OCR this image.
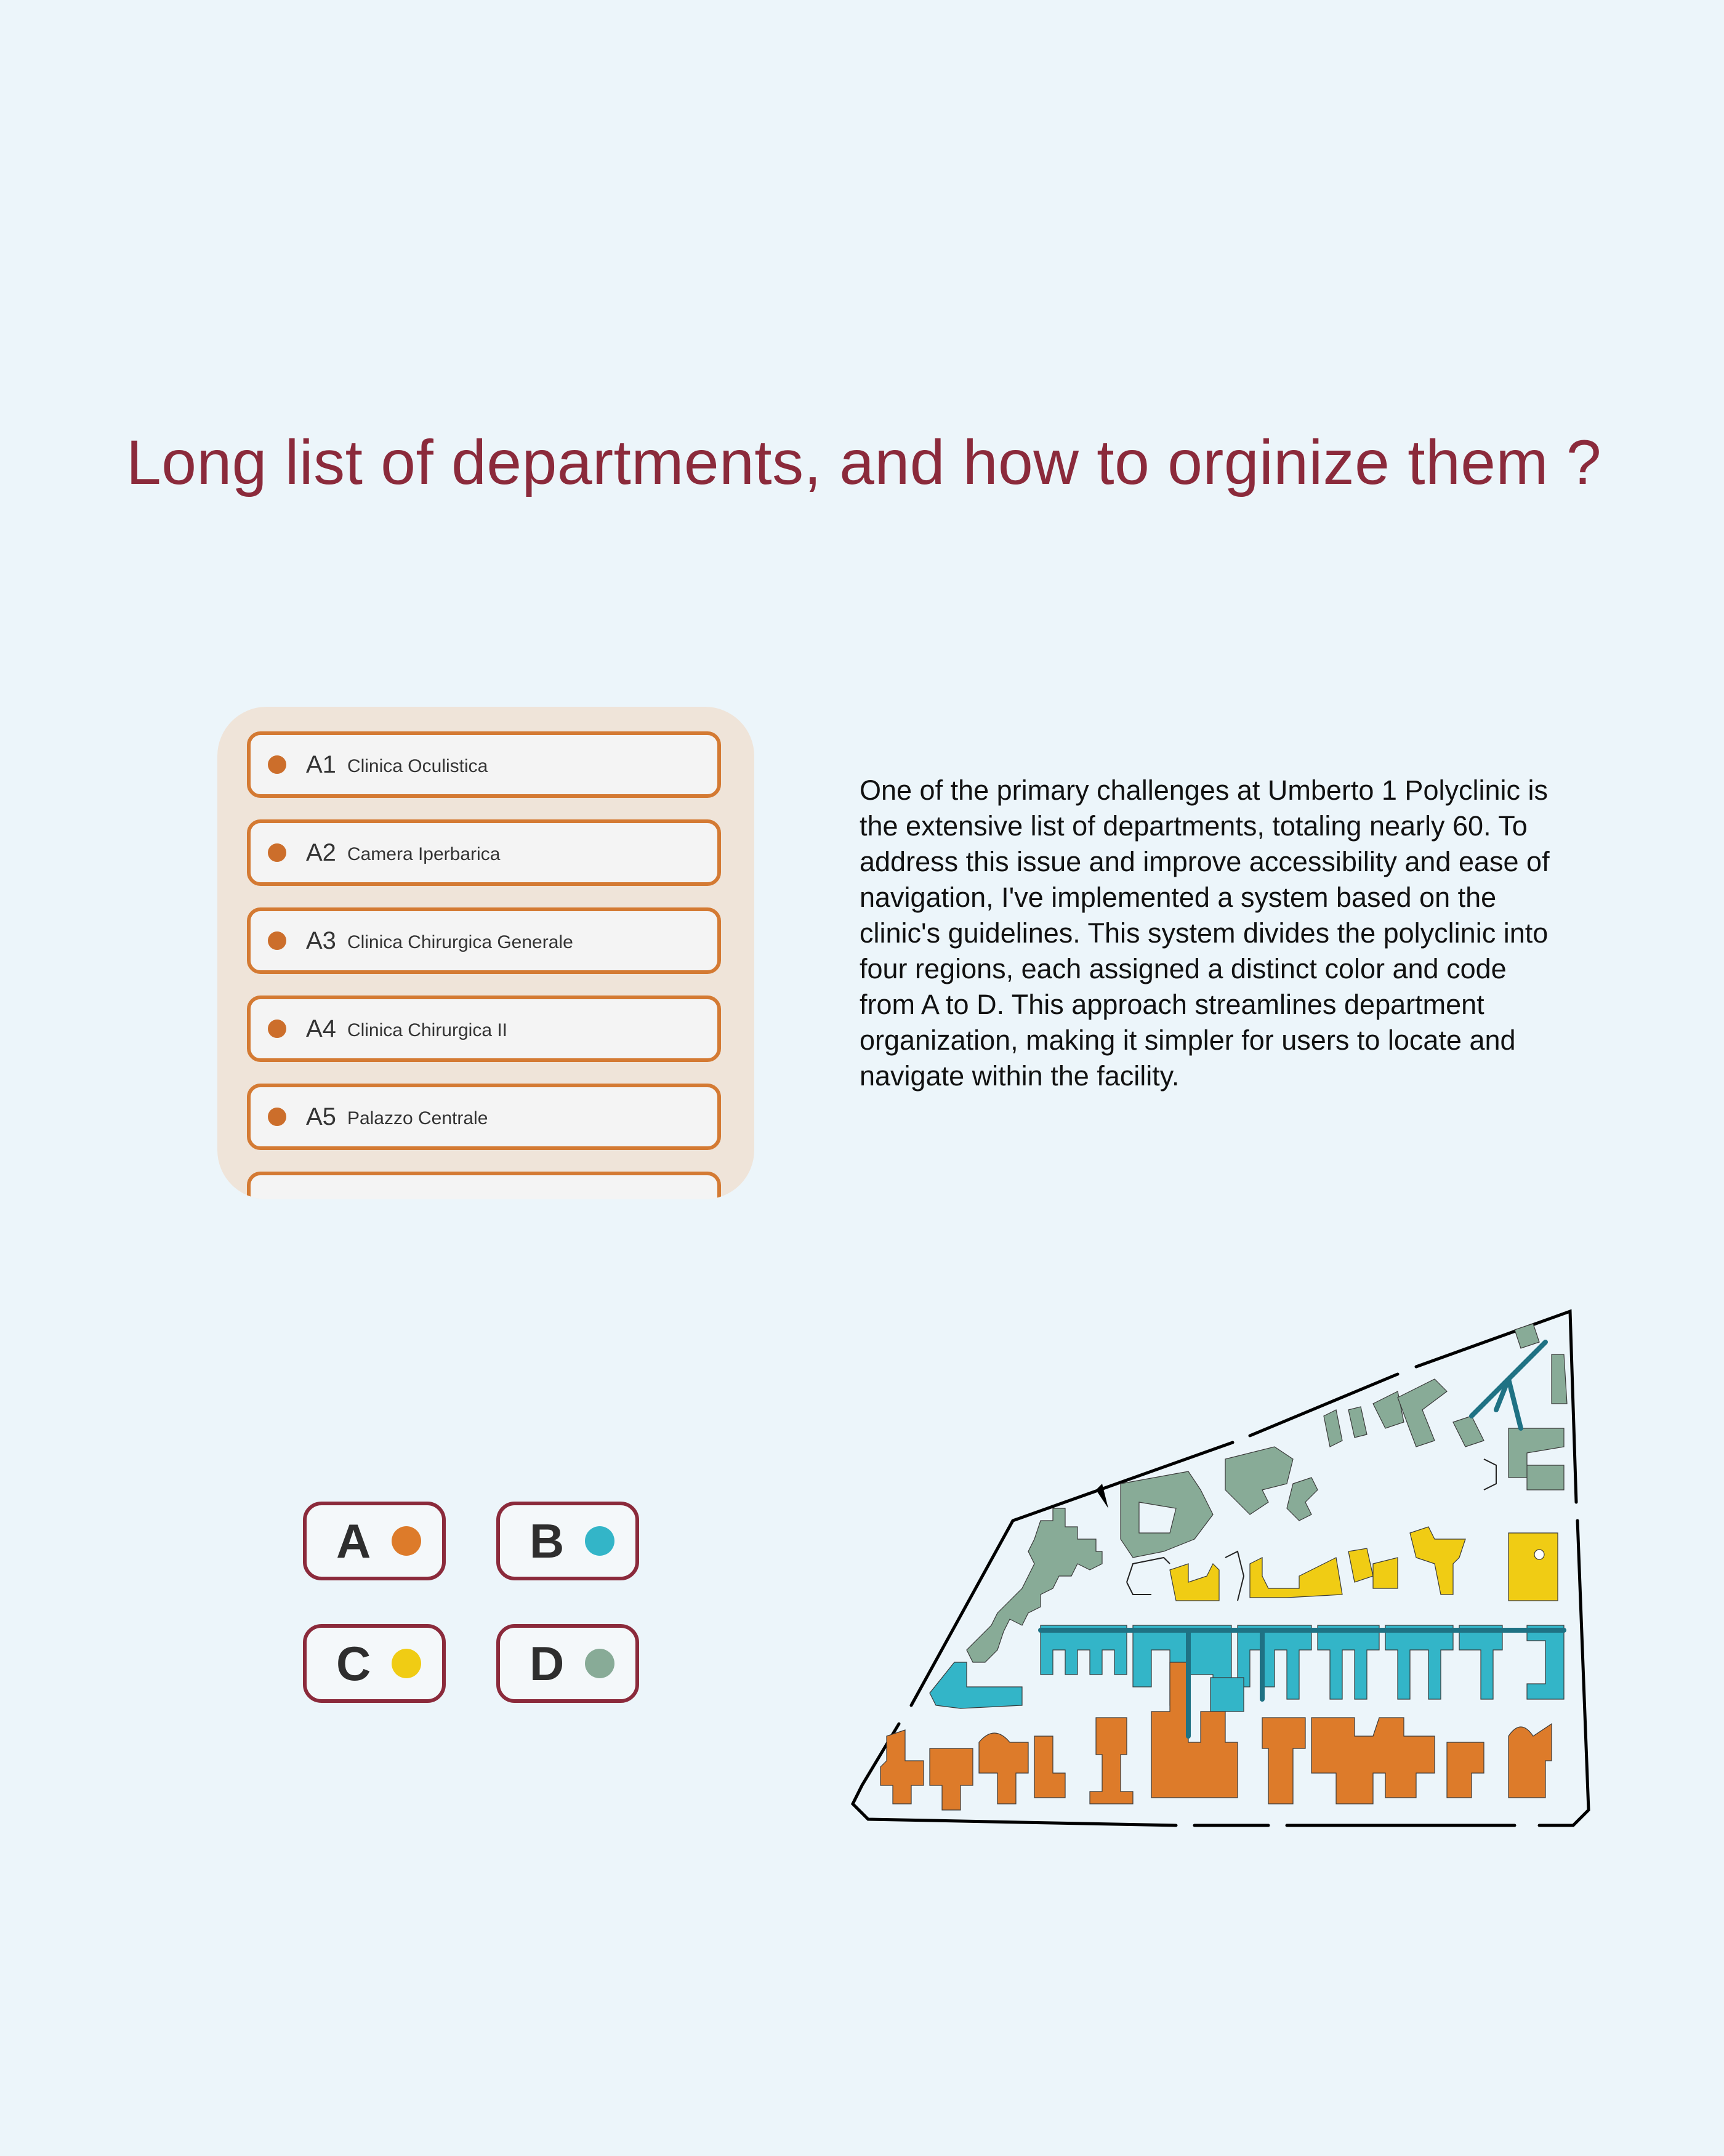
Long list of departments, and how to orginize them ?
A1 Clinica Oculistica
A2 Camera Iperbarica
A3 Clinica Chirurgica Generale
A4 Clinica Chirurgica II
A5 Palazzo Centrale
One of the primary challenges at Umberto 1 Polyclinic is the extensive list of departments, totaling nearly 60. To address this issue and improve accessibility and ease of navigation, I've implemented a system based on the clinic's guidelines. This system divides the polyclinic into four regions, each assigned a distinct color and code from A to D. This approach streamlines department organization, making it simpler for users to locate and navigate within the facility.
A	B
C	D
